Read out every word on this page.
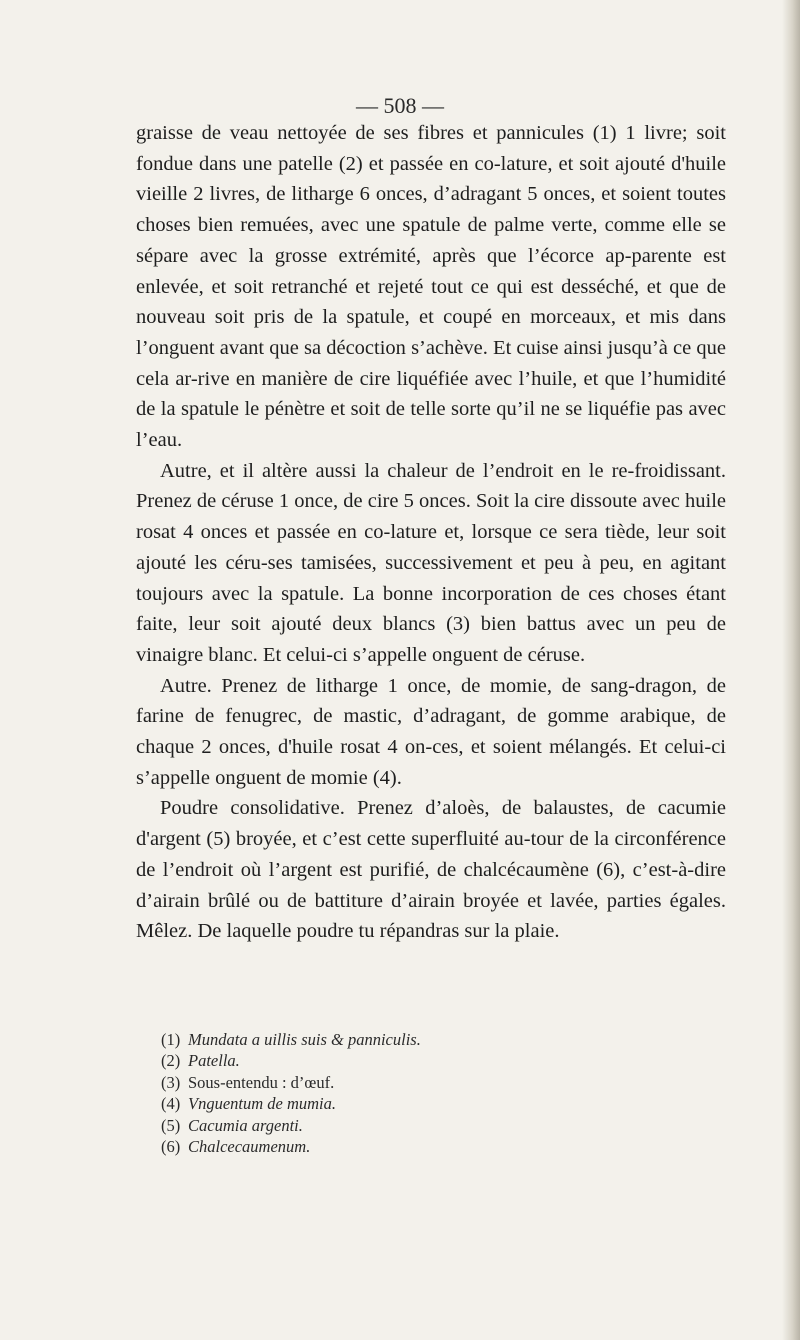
— 508 —

graisse de veau nettoyée de ses fibres et pannicules (1) 1 livre; soit fondue dans une patelle (2) et passée en co-lature, et soit ajouté d'huile vieille 2 livres, de litharge 6 onces, d’adragant 5 onces, et soient toutes choses bien remuées, avec une spatule de palme verte, comme elle se sépare avec la grosse extrémité, après que l’écorce ap-parente est enlevée, et soit retranché et rejeté tout ce qui est desséché, et que de nouveau soit pris de la spatule, et coupé en morceaux, et mis dans l’onguent avant que sa décoction s’achève. Et cuise ainsi jusqu’à ce que cela ar-rive en manière de cire liquéfiée avec l’huile, et que l’humidité de la spatule le pénètre et soit de telle sorte qu’il ne se liquéfie pas avec l’eau.

Autre, et il altère aussi la chaleur de l’endroit en le re-froidissant. Prenez de céruse 1 once, de cire 5 onces. Soit la cire dissoute avec huile rosat 4 onces et passée en co-lature et, lorsque ce sera tiède, leur soit ajouté les céru-ses tamisées, successivement et peu à peu, en agitant toujours avec la spatule. La bonne incorporation de ces choses étant faite, leur soit ajouté deux blancs (3) bien battus avec un peu de vinaigre blanc. Et celui-ci s’appelle onguent de céruse.

Autre. Prenez de litharge 1 once, de momie, de sang-dragon, de farine de fenugrec, de mastic, d’adragant, de gomme arabique, de chaque 2 onces, d'huile rosat 4 on-ces, et soient mélangés. Et celui-ci s’appelle onguent de momie (4).

Poudre consolidative. Prenez d’aloès, de balaustes, de cacumie d'argent (5) broyée, et c’est cette superfluité au-tour de la circonférence de l’endroit où l’argent est purifié, de chalcécaumène (6), c’est-à-dire d’airain brûlé ou de battiture d’airain broyée et lavée, parties égales. Mêlez. De laquelle poudre tu répandras sur la plaie.

(1) Mundata a uillis suis & panniculis.
(2) Patella.
(3) Sous-entendu : d’œuf.
(4) Vnguentum de mumia.
(5) Cacumia argenti.
(6) Chalcecaumenum.
